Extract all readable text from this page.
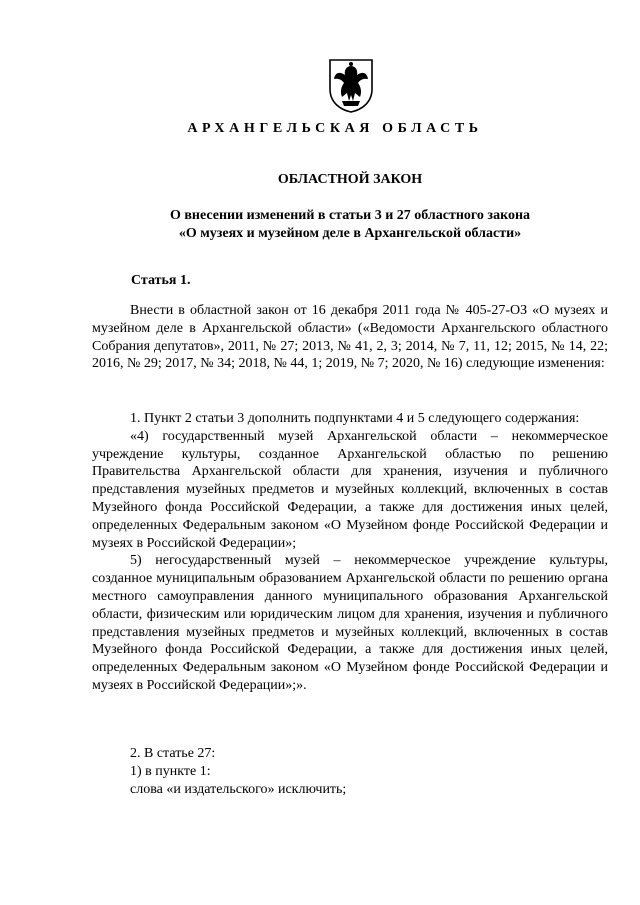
АРХАНГЕЛЬСКАЯ ОБЛАСТЬ
ОБЛАСТНОЙ ЗАКОН
О внесении изменений в статьи 3 и 27 областного закона
«О музеях и музейном деле в Архангельской области»
Статья 1.

Внести в областной закон от 16 декабря 2011 года № 405-27-ОЗ «О музеях и музейном деле в Архангельской области» («Ведомости Архангельского областного Собрания депутатов», 2011, № 27; 2013, № 41, 2, 3; 2014, № 7, 11, 12; 2015, № 14, 22; 2016, № 29; 2017, № 34; 2018, № 44, 1; 2019, № 7; 2020, № 16) следующие изменения:

1. Пункт 2 статьи 3 дополнить подпунктами 4 и 5 следующего содержания:

«4) государственный музей Архангельской области – некоммерческое учреждение культуры, созданное Архангельской областью по решению Правительства Архангельской области для хранения, изучения и публичного представления музейных предметов и музейных коллекций, включенных в состав Музейного фонда Российской Федерации, а также для достижения иных целей, определенных Федеральным законом «О Музейном фонде Российской Федерации и музеях в Российской Федерации»;

5) негосударственный музей – некоммерческое учреждение культуры, созданное муниципальным образованием Архангельской области по решению органа местного самоуправления данного муниципального образования Архангельской области, физическим или юридическим лицом для хранения, изучения и публичного представления музейных предметов и музейных коллекций, включенных в состав Музейного фонда Российской Федерации, а также для достижения иных целей, определенных Федеральным законом «О Музейном фонде Российской Федерации и музеях в Российской Федерации»;».

2. В статье 27:

1) в пункте 1:

слова «и издательского» исключить;
